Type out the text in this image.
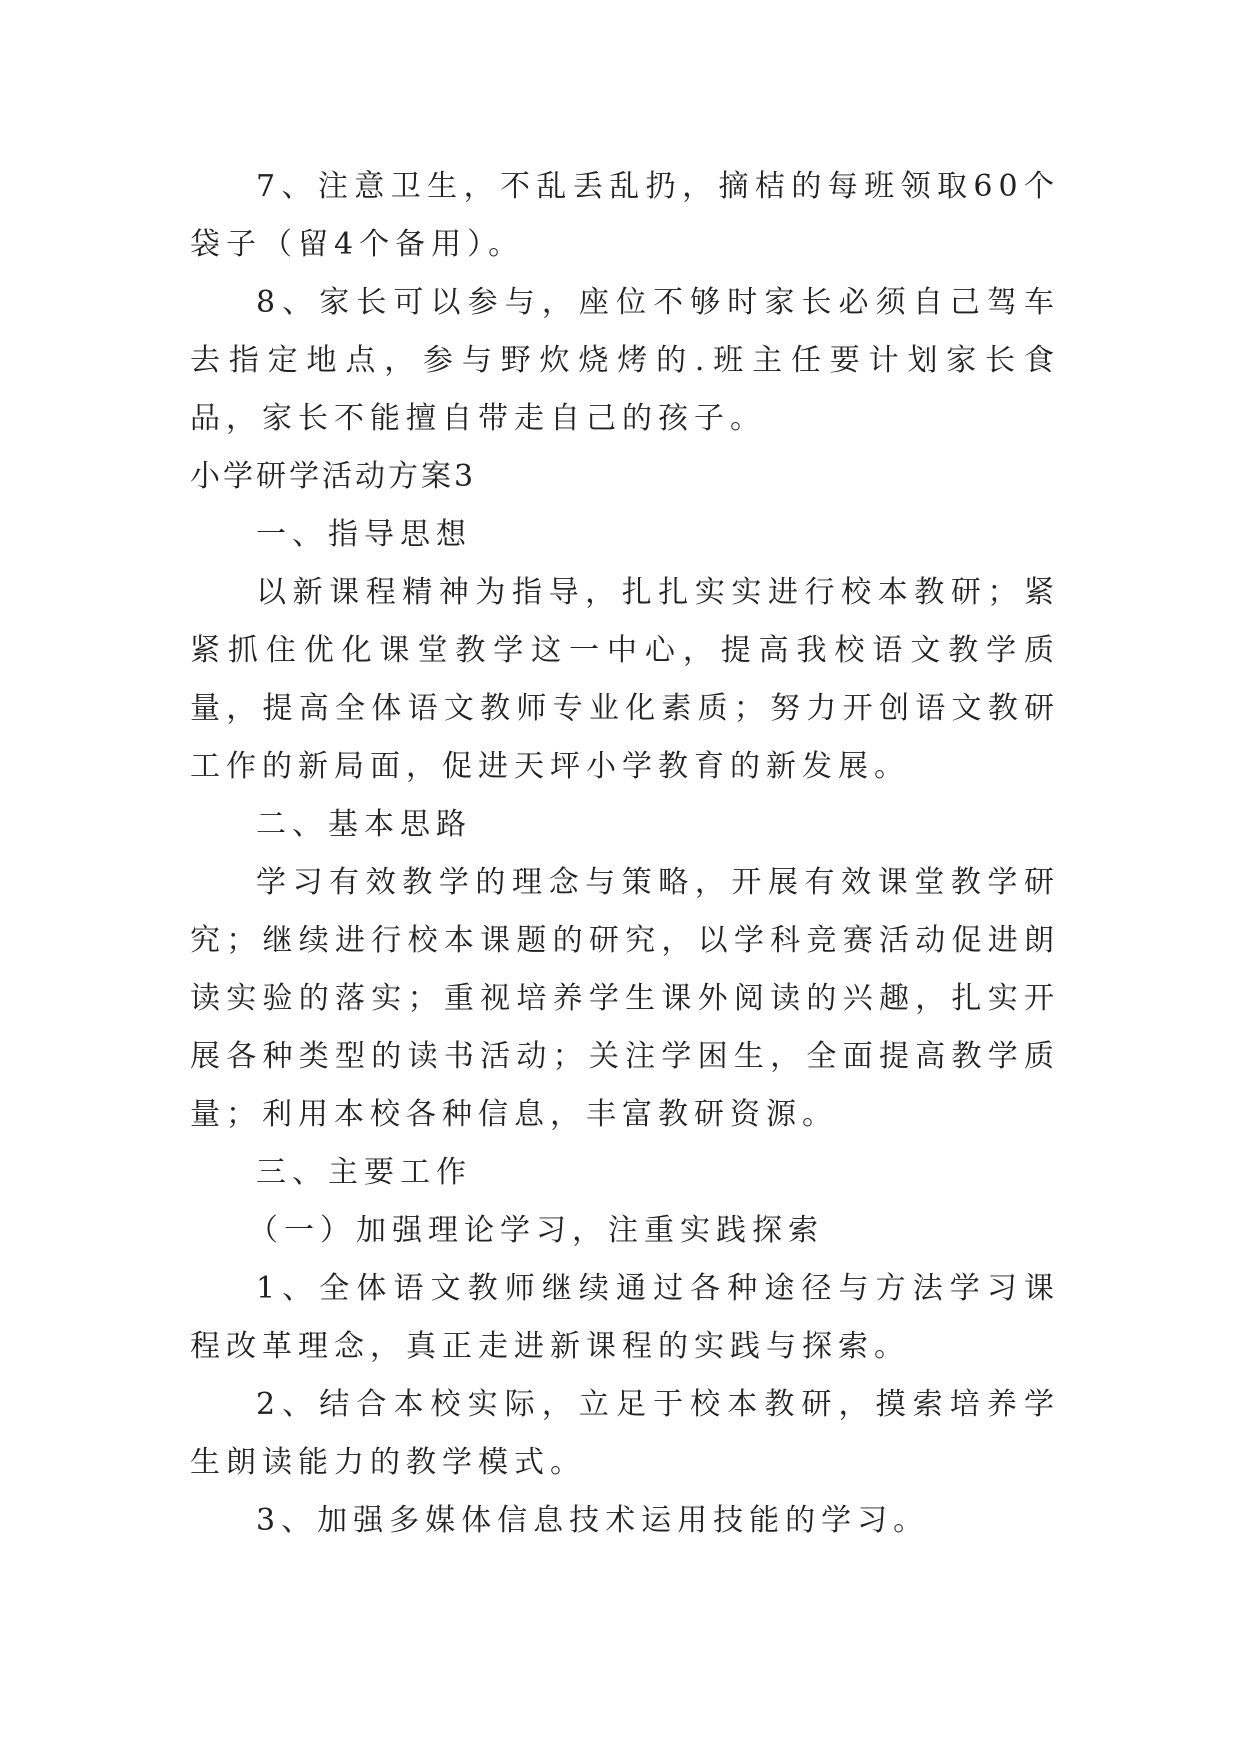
7、注意卫生，不乱丢乱扔，摘桔的每班领取60个袋子（留4个备用）。

8、家长可以参与，座位不够时家长必须自己驾车去指定地点，参与野炊烧烤的.班主任要计划家长食品，家长不能擅自带走自己的孩子。

小学研学活动方案3

一、指导思想

以新课程精神为指导，扎扎实实进行校本教研；紧紧抓住优化课堂教学这一中心，提高我校语文教学质量，提高全体语文教师专业化素质；努力开创语文教研工作的新局面，促进天坪小学教育的新发展。

二、基本思路

学习有效教学的理念与策略，开展有效课堂教学研究；继续进行校本课题的研究，以学科竞赛活动促进朗读实验的落实；重视培养学生课外阅读的兴趣，扎实开展各种类型的读书活动；关注学困生，全面提高教学质量；利用本校各种信息，丰富教研资源。

三、主要工作

（一）加强理论学习，注重实践探索

1、全体语文教师继续通过各种途径与方法学习课程改革理念，真正走进新课程的实践与探索。

2、结合本校实际，立足于校本教研，摸索培养学生朗读能力的教学模式。

3、加强多媒体信息技术运用技能的学习。
